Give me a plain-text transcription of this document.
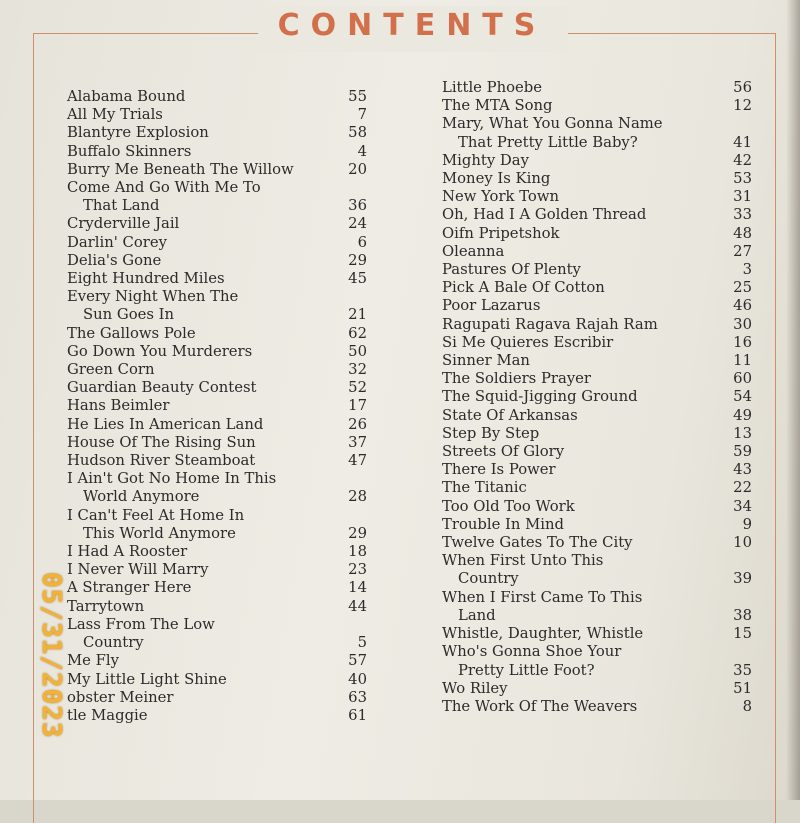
CONTENTS
Alabama Bound	55
All My Trials	7
Blantyre Explosion	58
Buffalo Skinners	4
Burry Me Beneath The Willow	20
Come And Go With Me To
That Land	36
Cryderville Jail	24
Darlin' Corey	6
Delia's Gone	29
Eight Hundred Miles	45
Every Night When The
Sun Goes In	21
The Gallows Pole	62
Go Down You Murderers	50
Green Corn	32
Guardian Beauty Contest	52
Hans Beimler	17
He Lies In American Land	26
House Of The Rising Sun	37
Hudson River Steamboat	47
I Ain't Got No Home In This
World Anymore	28
I Can't Feel At Home In
This World Anymore	29
I Had A Rooster	18
I Never Will Marry	23
A Stranger Here	14
Tarrytown	44
Lass From The Low
Country	5
Me Fly	57
My Little Light Shine	40
obster Meiner	63
tle Maggie	61
Little Phoebe	56
The MTA Song	12
Mary, What You Gonna Name
That Pretty Little Baby?	41
Mighty Day	42
Money Is King	53
New York Town	31
Oh, Had I A Golden Thread	33
Oifn Pripetshok	48
Oleanna	27
Pastures Of Plenty	3
Pick A Bale Of Cotton	25
Poor Lazarus	46
Ragupati Ragava Rajah Ram	30
Si Me Quieres Escribir	16
Sinner Man	11
The Soldiers Prayer	60
The Squid-Jigging Ground	54
State Of Arkansas	49
Step By Step	13
Streets Of Glory	59
There Is Power	43
The Titanic	22
Too Old Too Work	34
Trouble In Mind	9
Twelve Gates To The City	10
When First Unto This
Country	39
When I First Came To This
Land	38
Whistle, Daughter, Whistle	15
Who's Gonna Shoe Your
Pretty Little Foot?	35
Wo Riley	51
The Work Of The Weavers	8
05/31/2023
